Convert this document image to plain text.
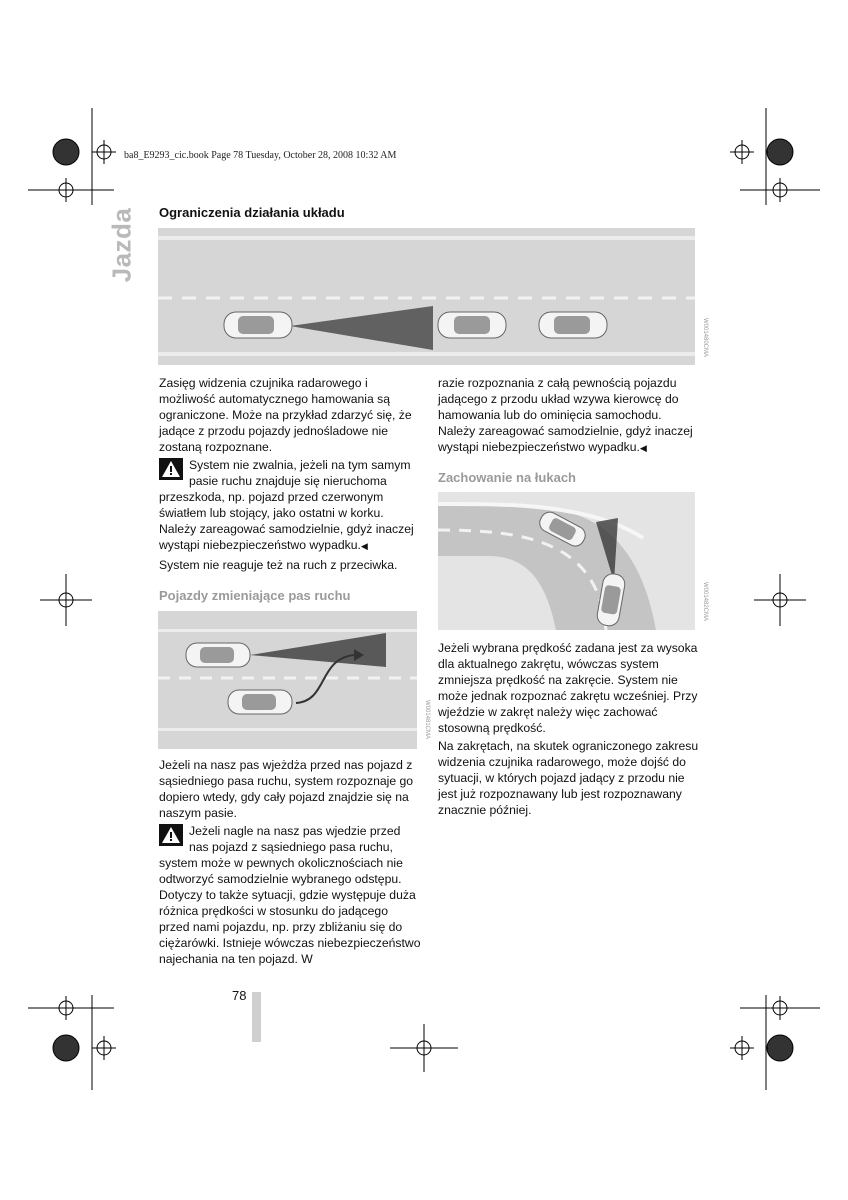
ba8_E9293_cic.book Page 78 Tuesday, October 28, 2008 10:32 AM
Jazda Ograniczenia działania układu
W001480CMA

Zasięg widzenia czujnika radarowego i możliwość automatycznego hamowania są ograniczone. Może na przykład zdarzyć się, że jadące z przodu pojazdy jednośladowe nie zostaną rozpoznane.

System nie zwalnia, jeżeli na tym samym pasie ruchu znajduje się nieruchoma przeszkoda, np. pojazd przed czerwonym światłem lub stojący, jako ostatni w korku. Należy zareagować samodzielnie, gdyż inaczej wystąpi niebezpieczeństwo wypadku.◀

System nie reaguje też na ruch z przeciwka.

Pojazdy zmieniające pas ruchu
W001481CMA

Jeżeli na nasz pas wjeżdża przed nas pojazd z sąsiedniego pasa ruchu, system rozpoznaje go dopiero wtedy, gdy cały pojazd znajdzie się na naszym pasie.

Jeżeli nagle na nasz pas wjedzie przed nas pojazd z sąsiedniego pasa ruchu, system może w pewnych okolicznościach nie odtworzyć samodzielnie wybranego odstępu. Dotyczy to także sytuacji, gdzie występuje duża różnica prędkości w stosunku do jadącego przed nami pojazdu, np. przy zbliżaniu się do ciężarówki. Istnieje wówczas niebezpieczeństwo najechania na ten pojazd. W
razie rozpoznania z całą pewnością pojazdu jadącego z przodu układ wzywa kierowcę do hamowania lub do ominięcia samochodu. Należy zareagować samodzielnie, gdyż inaczej wystąpi niebezpieczeństwo wypadku.◀
Zachowanie na łukach
W001482CMA

Jeżeli wybrana prędkość zadana jest za wysoka dla aktualnego zakrętu, wówczas system zmniejsza prędkość na zakręcie. System nie może jednak rozpoznać zakrętu wcześniej. Przy wjeździe w zakręt należy więc zachować stosowną prędkość.

Na zakrętach, na skutek ograniczonego zakresu widzenia czujnika radarowego, może dojść do sytuacji, w których pojazd jadący z przodu nie jest już rozpoznawany lub jest rozpoznawany znacznie później.

78
